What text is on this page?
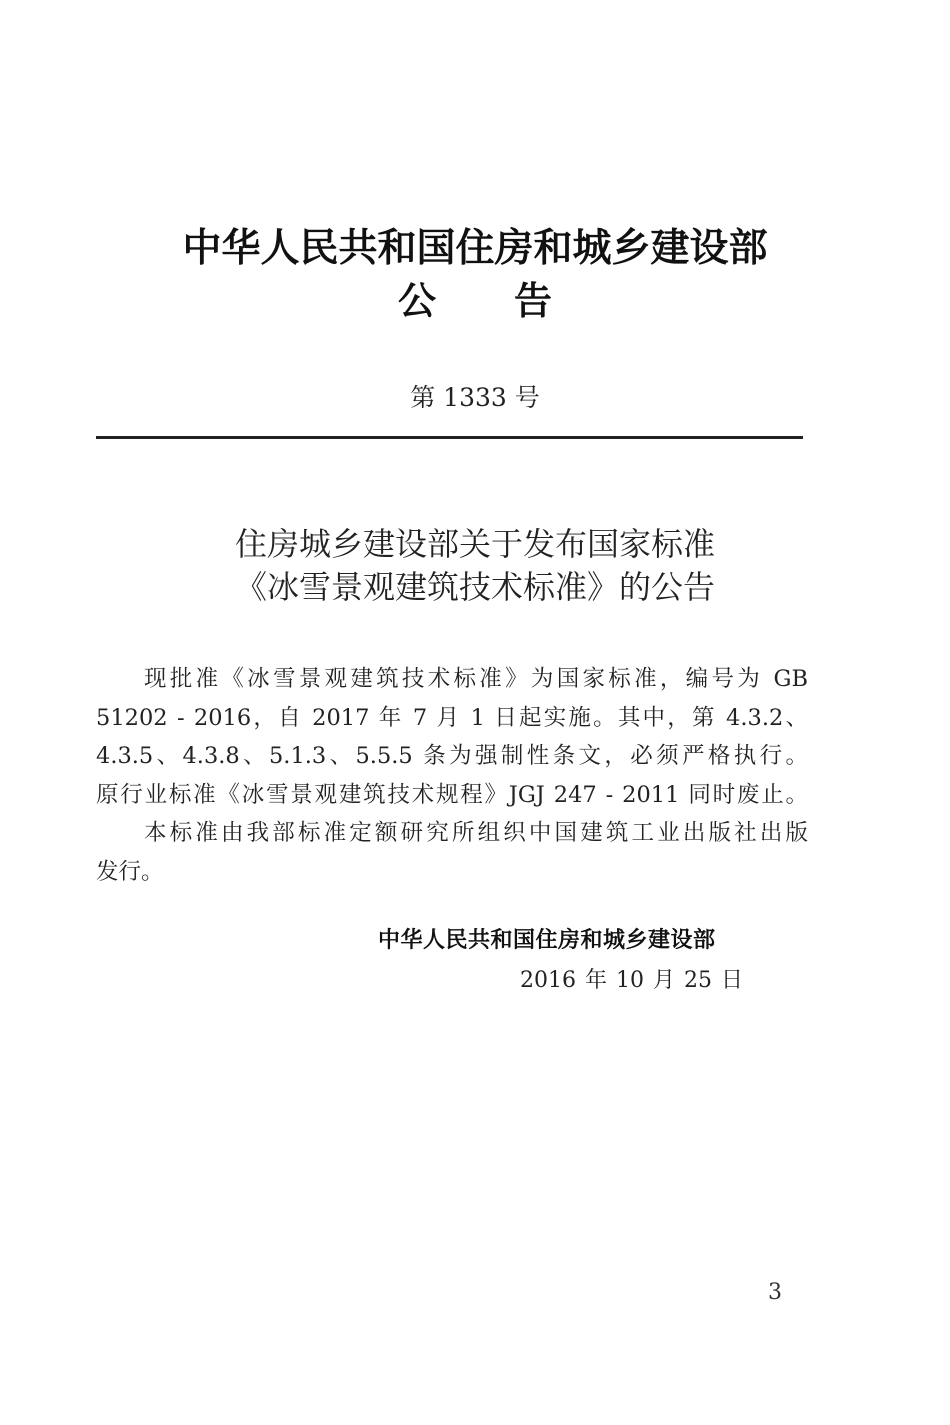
中华人民共和国住房和城乡建设部
公 告
第 1333 号
住房城乡建设部关于发布国家标准
《冰雪景观建筑技术标准》的公告

现批准《冰雪景观建筑技术标准》为国家标准，编号为 GB
51202 - 2016，自 2017 年 7 月 1 日起实施。其中，第 4.3.2、
4.3.5、4.3.8、5.1.3、5.5.5 条为强制性条文，必须严格执行。
原行业标准《冰雪景观建筑技术规程》JGJ 247 - 2011 同时废止。

本标准由我部标准定额研究所组织中国建筑工业出版社出版
发行。

中华人民共和国住房和城乡建设部
2016 年 10 月 25 日
3
